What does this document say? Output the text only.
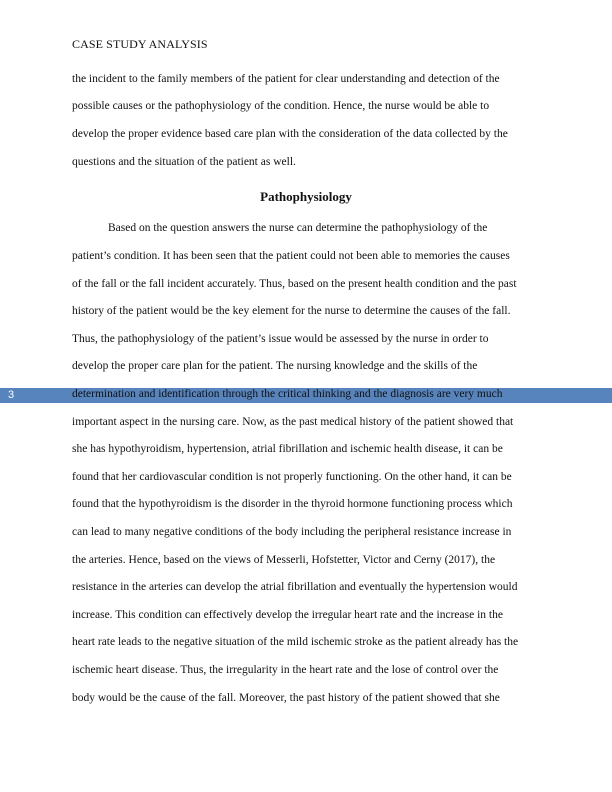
CASE STUDY ANALYSIS
the incident to the family members of the patient for clear understanding and detection of the
possible causes or the pathophysiology of the condition. Hence, the nurse would be able to
develop the proper evidence based care plan with the consideration of the data collected by the
questions and the situation of the patient as well.
Pathophysiology
Based on the question answers the nurse can determine the pathophysiology of the
patient’s condition. It has been seen that the patient could not been able to memories the causes
of the fall or the fall incident accurately. Thus, based on the present health condition and the past
history of the patient would be the key element for the nurse to determine the causes of the fall.
Thus, the pathophysiology of the patient’s issue would be assessed by the nurse in order to
develop the proper care plan for the patient. The nursing knowledge and the skills of the
determination and identification through the critical thinking and the diagnosis are very much
3
important aspect in the nursing care. Now, as the past medical history of the patient showed that
she has hypothyroidism, hypertension, atrial fibrillation and ischemic health disease, it can be
found that her cardiovascular condition is not properly functioning. On the other hand, it can be
found that the hypothyroidism is the disorder in the thyroid hormone functioning process which
can lead to many negative conditions of the body including the peripheral resistance increase in
the arteries. Hence, based on the views of Messerli, Hofstetter, Victor and Cerny (2017), the
resistance in the arteries can develop the atrial fibrillation and eventually the hypertension would
increase. This condition can effectively develop the irregular heart rate and the increase in the
heart rate leads to the negative situation of the mild ischemic stroke as the patient already has the
ischemic heart disease. Thus, the irregularity in the heart rate and the lose of control over the
body would be the cause of the fall. Moreover, the past history of the patient showed that she
